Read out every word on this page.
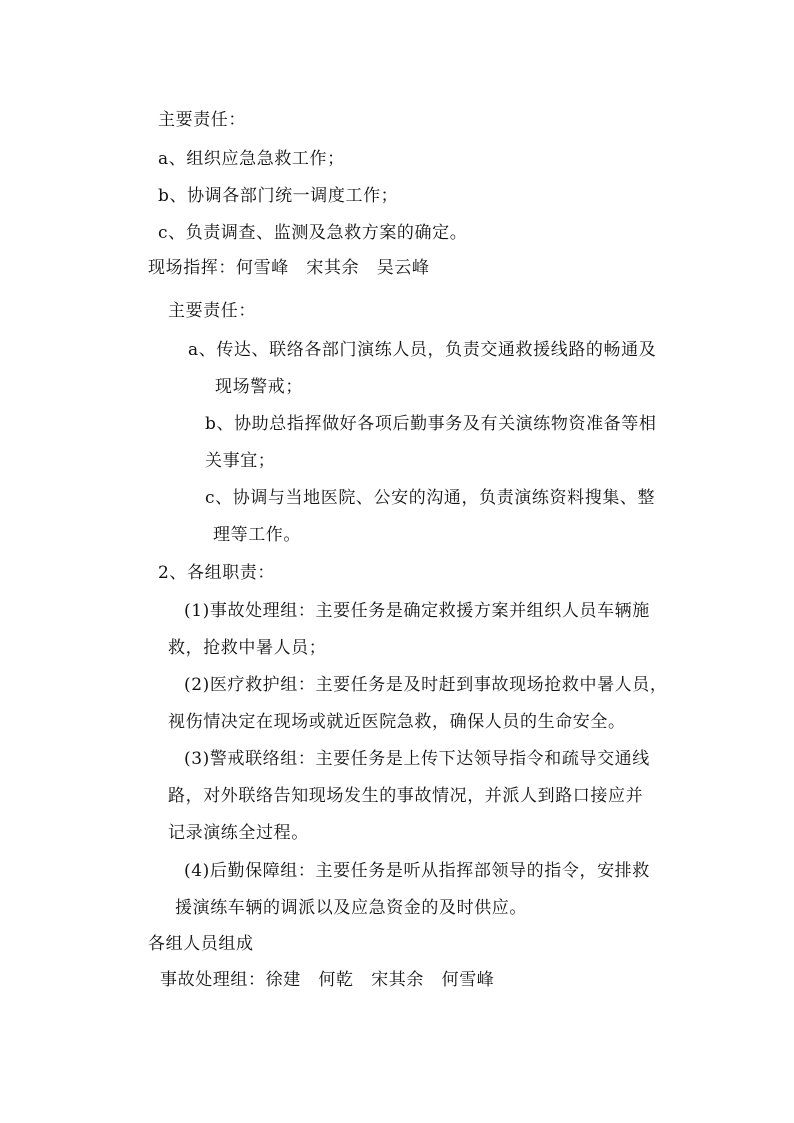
主要责任：
a、组织应急急救工作；
b、协调各部门统一调度工作；
c、负责调查、监测及急救方案的确定。
现场指挥：何雪峰　宋其余　吴云峰
主要责任：
a、传达、联络各部门演练人员，负责交通救援线路的畅通及
现场警戒；
b、协助总指挥做好各项后勤事务及有关演练物资准备等相
关事宜；
c、协调与当地医院、公安的沟通，负责演练资料搜集、整
理等工作。
2、各组职责：
(1)事故处理组：主要任务是确定救援方案并组织人员车辆施
救，抢救中暑人员；
(2)医疗救护组：主要任务是及时赶到事故现场抢救中暑人员，
视伤情决定在现场或就近医院急救，确保人员的生命安全。
(3)警戒联络组：主要任务是上传下达领导指令和疏导交通线
路，对外联络告知现场发生的事故情况，并派人到路口接应并
记录演练全过程。
(4)后勤保障组：主要任务是听从指挥部领导的指令，安排救
援演练车辆的调派以及应急资金的及时供应。
各组人员组成
事故处理组：徐建　何乾　宋其余　何雪峰
